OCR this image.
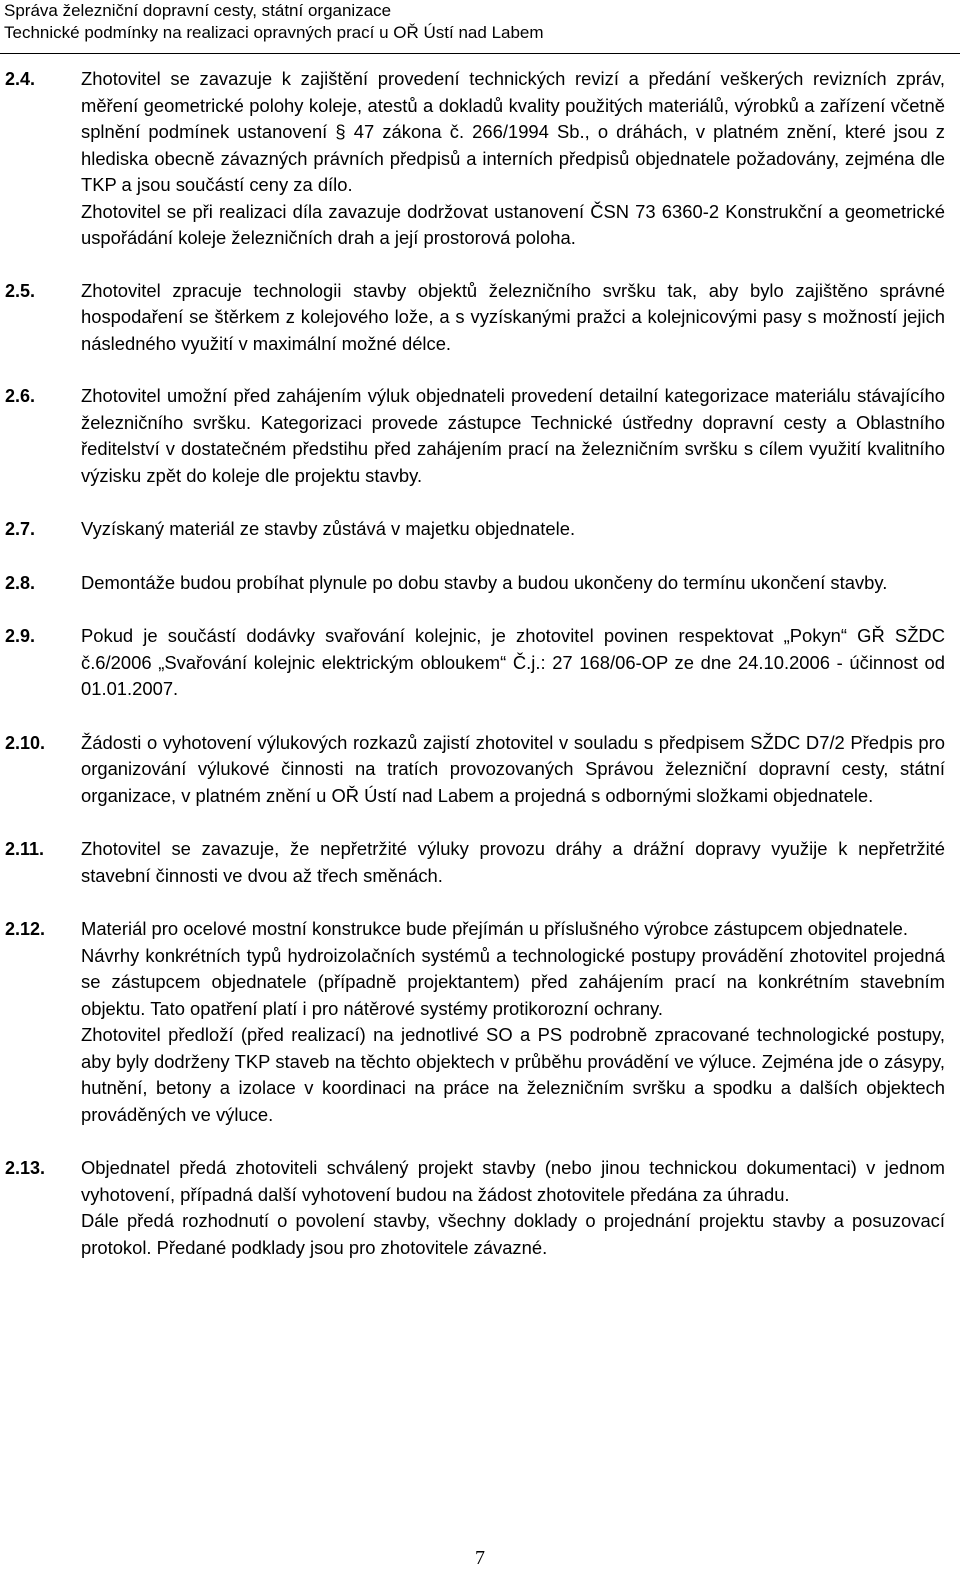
Správa železniční dopravní cesty, státní organizace
Technické podmínky na realizaci opravných prací u OŘ Ústí nad Labem
2.4. Zhotovitel se zavazuje k zajištění provedení technických revizí a předání veškerých revizních zpráv, měření geometrické polohy koleje, atestů a dokladů kvality použitých materiálů, výrobků a zařízení včetně splnění podmínek ustanovení § 47 zákona č. 266/1994 Sb., o dráhách, v platném znění, které jsou z hlediska obecně závazných právních předpisů a interních předpisů objednatele požadovány, zejména dle TKP a jsou součástí ceny za dílo.

Zhotovitel se při realizaci díla zavazuje dodržovat ustanovení ČSN 73 6360-2 Konstrukční a geometrické uspořádání koleje železničních drah a její prostorová poloha.

2.5. Zhotovitel zpracuje technologii stavby objektů železničního svršku tak, aby bylo zajištěno správné hospodaření se štěrkem z kolejového lože, a s vyzískanými pražci a kolejnicovými pasy s možností jejich následného využití v maximální možné délce.

2.6. Zhotovitel umožní před zahájením výluk objednateli provedení detailní kategorizace materiálu stávajícího železničního svršku. Kategorizaci provede zástupce Technické ústředny dopravní cesty a Oblastního ředitelství v dostatečném předstihu před zahájením prací na železničním svršku s cílem využití kvalitního výzisku zpět do koleje dle projektu stavby.

2.7. Vyzískaný materiál ze stavby zůstává v majetku objednatele.

2.8. Demontáže budou probíhat plynule po dobu stavby a budou ukončeny do termínu ukončení stavby.

2.9. Pokud je součástí dodávky svařování kolejnic, je zhotovitel povinen respektovat „Pokyn“ GŘ SŽDC č.6/2006 „Svařování kolejnic elektrickým obloukem“ Č.j.: 27 168/06-OP ze dne 24.10.2006 - účinnost od 01.01.2007.

2.10. Žádosti o vyhotovení výlukových rozkazů zajistí zhotovitel v souladu s předpisem SŽDC D7/2 Předpis pro organizování výlukové činnosti na tratích provozovaných Správou železniční dopravní cesty, státní organizace, v platném znění u OŘ Ústí nad Labem a projedná s odbornými složkami objednatele.

2.11. Zhotovitel se zavazuje, že nepřetržité výluky provozu dráhy a drážní dopravy využije k nepřetržité stavební činnosti ve dvou až třech směnách.

2.12. Materiál pro ocelové mostní konstrukce bude přejímán u příslušného výrobce zástupcem objednatele.

Návrhy konkrétních typů hydroizolačních systémů a technologické postupy provádění zhotovitel projedná se zástupcem objednatele (případně projektantem) před zahájením prací na konkrétním stavebním objektu. Tato opatření platí i pro nátěrové systémy protikorozní ochrany.

Zhotovitel předloží (před realizací) na jednotlivé SO a PS podrobně zpracované technologické postupy, aby byly dodrženy TKP staveb na těchto objektech v průběhu provádění ve výluce. Zejména jde o zásypy, hutnění, betony a izolace v koordinaci na práce na železničním svršku a spodku a dalších objektech prováděných ve výluce.

2.13. Objednatel předá zhotoviteli schválený projekt stavby (nebo jinou technickou dokumentaci) v jednom vyhotovení, případná další vyhotovení budou na žádost zhotovitele předána za úhradu.

Dále předá rozhodnutí o povolení stavby, všechny doklady o projednání projektu stavby a posuzovací protokol. Předané podklady jsou pro zhotovitele závazné.

7
